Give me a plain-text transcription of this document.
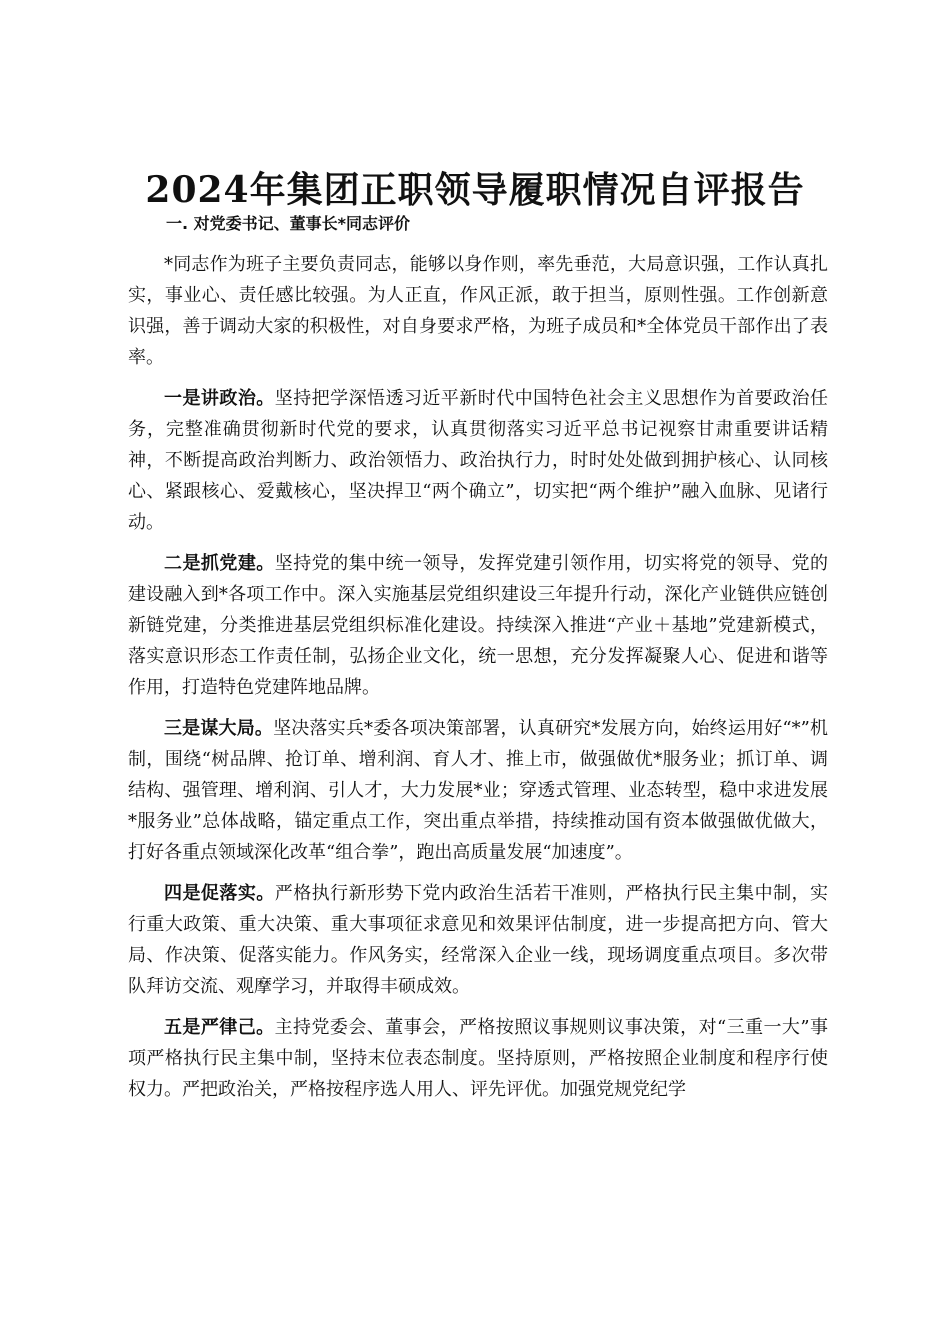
2024年集团正职领导履职情况自评报告

一. 对党委书记、董事长*同志评价

*同志作为班子主要负责同志，能够以身作则，率先垂范，大局意识强，工作认真扎实，事业心、责任感比较强。为人正直，作风正派，敢于担当，原则性强。工作创新意识强，善于调动大家的积极性，对自身要求严格，为班子成员和*全体党员干部作出了表率。

一是讲政治。坚持把学深悟透习近平新时代中国特色社会主义思想作为首要政治任务，完整准确贯彻新时代党的要求，认真贯彻落实习近平总书记视察甘肃重要讲话精神，不断提高政治判断力、政治领悟力、政治执行力，时时处处做到拥护核心、认同核心、紧跟核心、爱戴核心，坚决捍卫“两个确立”，切实把“两个维护”融入血脉、见诸行动。

二是抓党建。坚持党的集中统一领导，发挥党建引领作用，切实将党的领导、党的建设融入到*各项工作中。深入实施基层党组织建设三年提升行动，深化产业链供应链创新链党建，分类推进基层党组织标准化建设。持续深入推进“产业＋基地”党建新模式，落实意识形态工作责任制，弘扬企业文化，统一思想，充分发挥凝聚人心、促进和谐等作用，打造特色党建阵地品牌。

三是谋大局。坚决落实兵*委各项决策部署，认真研究*发展方向，始终运用好“*”机制，围绕“树品牌、抢订单、增利润、育人才、推上市，做强做优*服务业；抓订单、调结构、强管理、增利润、引人才，大力发展*业；穿透式管理、业态转型，稳中求进发展*服务业”总体战略，锚定重点工作，突出重点举措，持续推动国有资本做强做优做大，打好各重点领域深化改革“组合拳”，跑出高质量发展“加速度”。

四是促落实。严格执行新形势下党内政治生活若干准则，严格执行民主集中制，实行重大政策、重大决策、重大事项征求意见和效果评估制度，进一步提高把方向、管大局、作决策、促落实能力。作风务实，经常深入企业一线，现场调度重点项目。多次带队拜访交流、观摩学习，并取得丰硕成效。

五是严律己。主持党委会、董事会，严格按照议事规则议事决策，对“三重一大”事项严格执行民主集中制，坚持末位表态制度。坚持原则，严格按照企业制度和程序行使权力。严把政治关，严格按程序选人用人、评先评优。加强党规党纪学
